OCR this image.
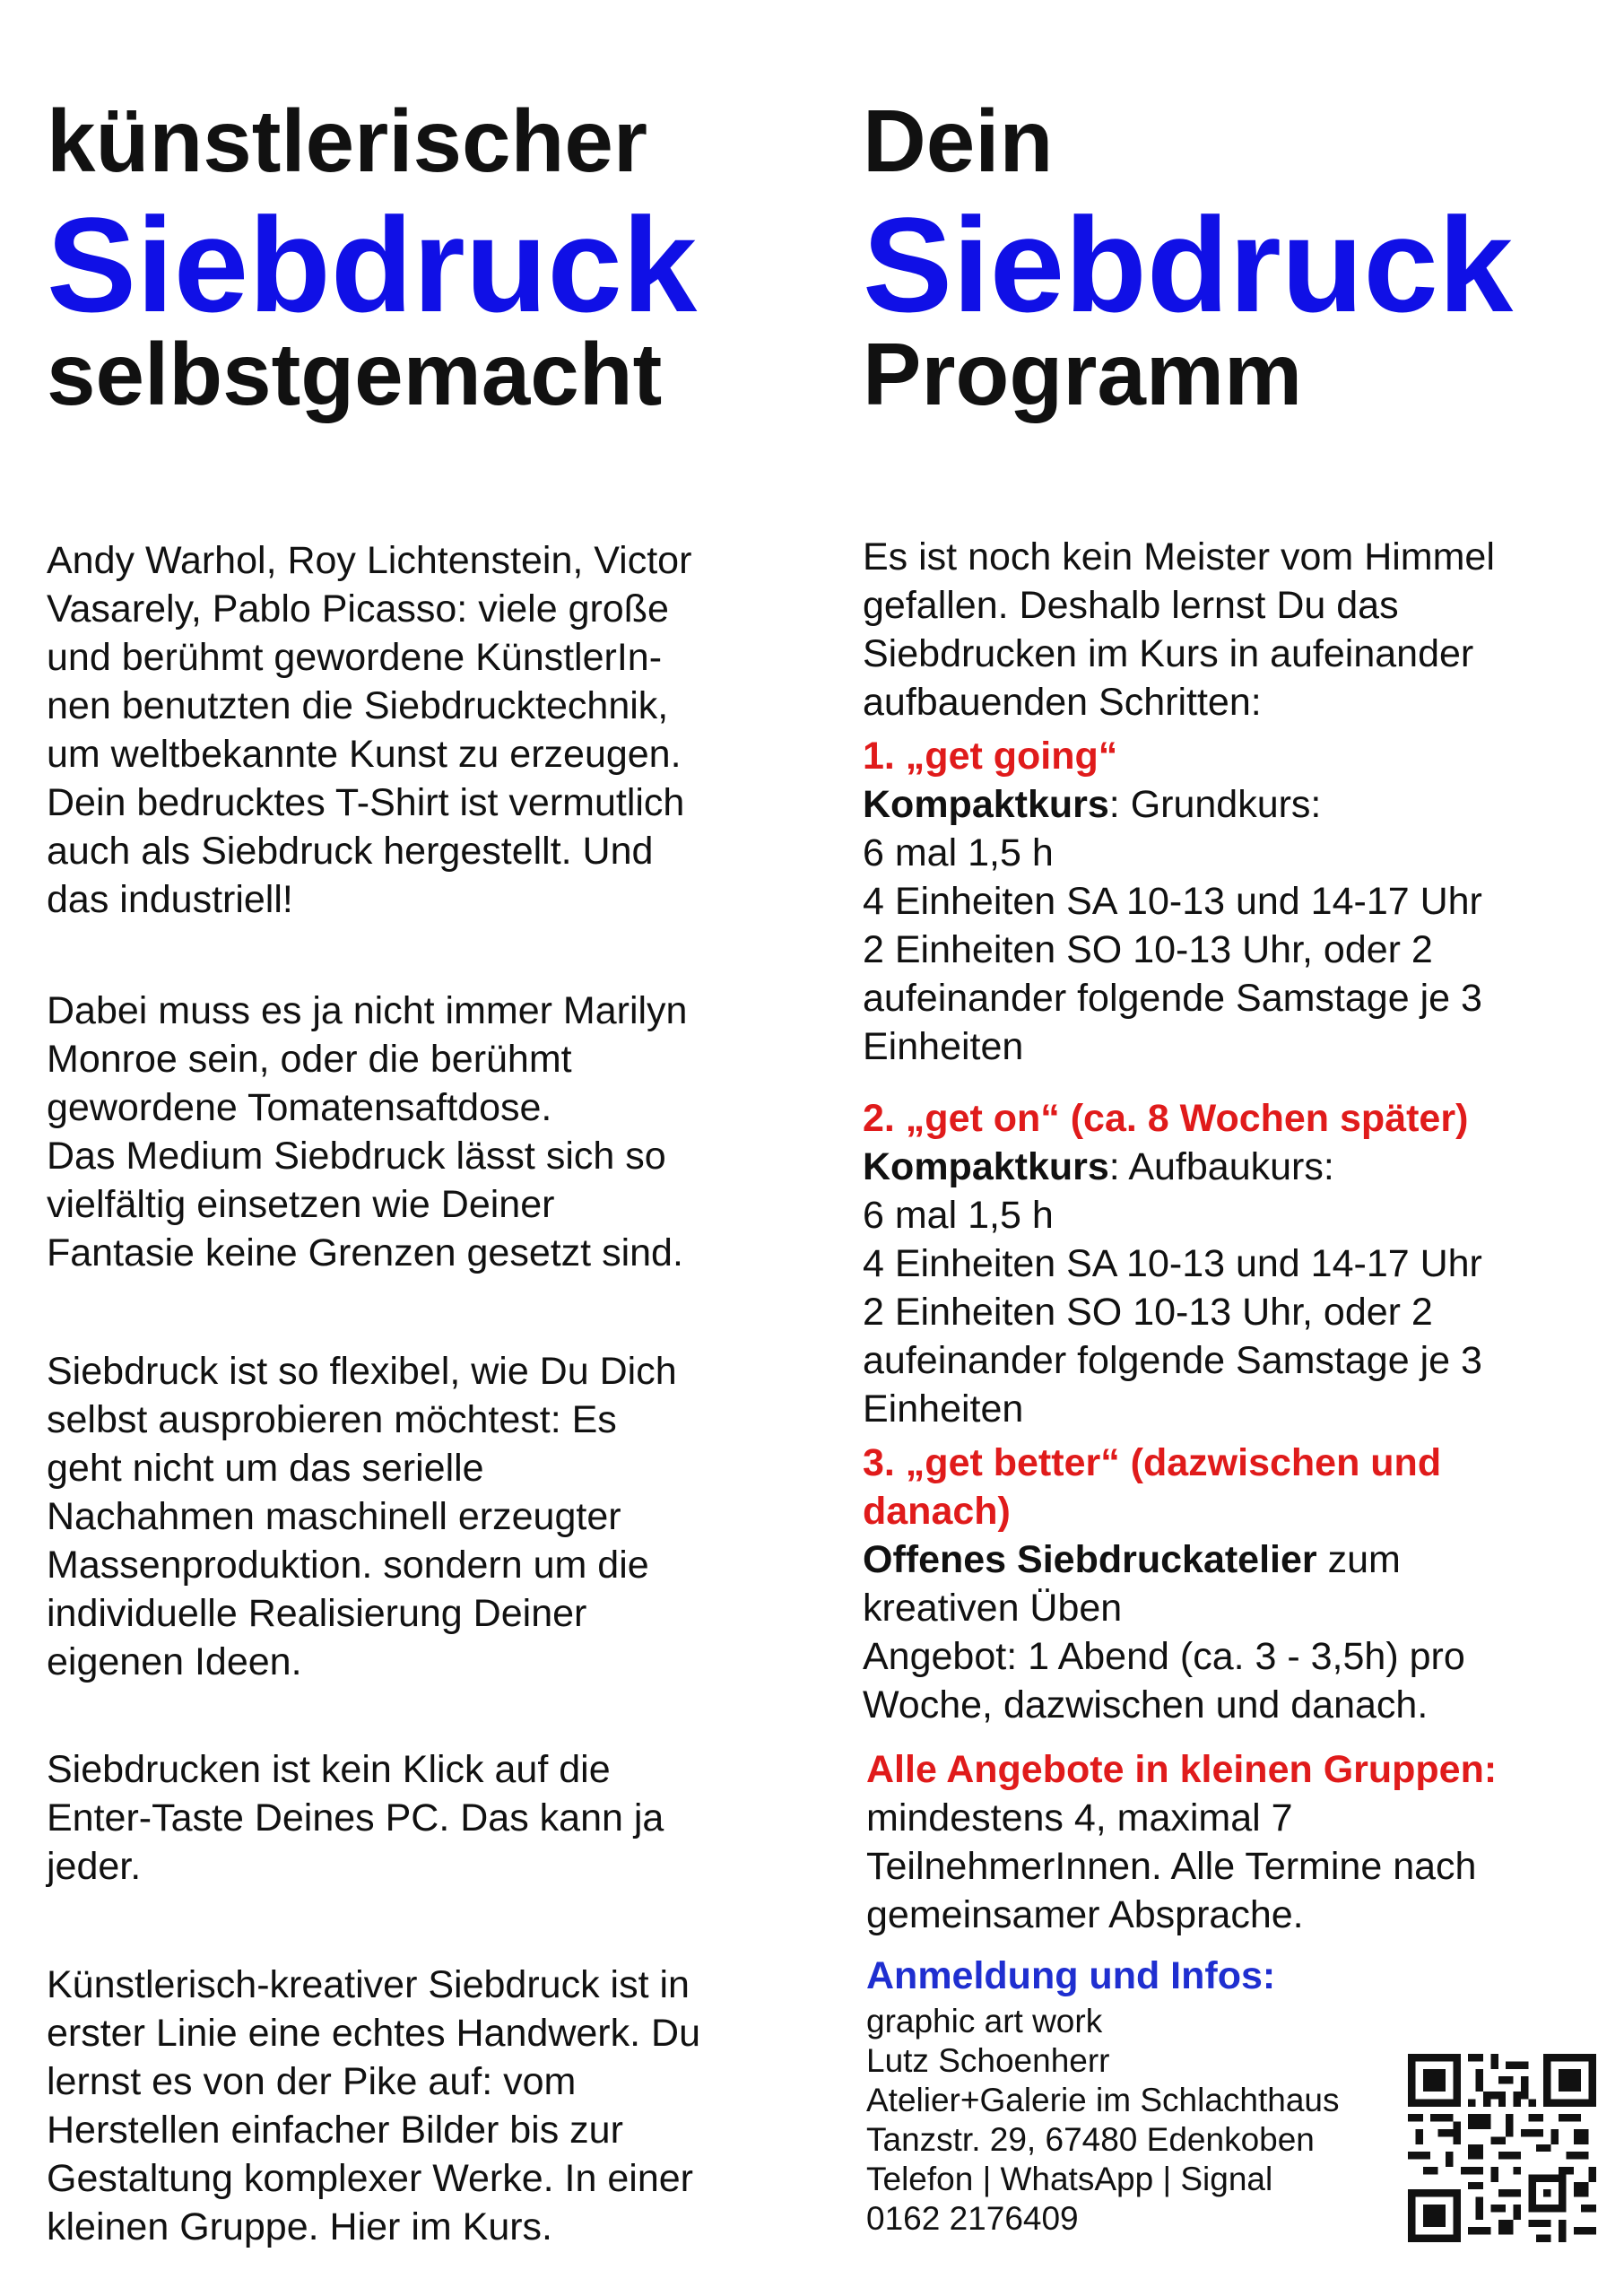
künstlerischer
Siebdruck
selbstgemacht
Andy Warhol, Roy Lichtenstein, Victor
Vasarely, Pablo Picasso: viele große
und berühmt gewordene KünstlerIn-
nen benutzten die Siebdrucktechnik,
um weltbekannte Kunst zu erzeugen.
Dein bedrucktes T-Shirt ist vermutlich
auch als Siebdruck hergestellt. Und
das industriell!
Dabei muss es ja nicht immer Marilyn
Monroe sein, oder die berühmt
gewordene Tomatensaftdose.
Das Medium Siebdruck lässt sich so
vielfältig einsetzen wie Deiner
Fantasie keine Grenzen gesetzt sind.
Siebdruck ist so flexibel, wie Du Dich
selbst ausprobieren möchtest: Es
geht nicht um das serielle
Nachahmen maschinell erzeugter
Massenproduktion. sondern um die
individuelle Realisierung Deiner
eigenen Ideen.
Siebdrucken ist kein Klick auf die
Enter-Taste Deines PC. Das kann ja
jeder.
Künstlerisch-kreativer Siebdruck ist in
erster Linie eine echtes Handwerk. Du
lernst es von der Pike auf: vom
Herstellen einfacher Bilder bis zur
Gestaltung komplexer Werke. In einer
kleinen Gruppe. Hier im Kurs.
Dein
Siebdruck
Programm
Es ist noch kein Meister vom Himmel
gefallen. Deshalb lernst Du das
Siebdrucken im Kurs in aufeinander
aufbauenden Schritten:
1. „get going“
Kompaktkurs: Grundkurs:
6 mal 1,5 h
4 Einheiten SA 10-13 und 14-17 Uhr
2 Einheiten SO 10-13 Uhr, oder 2
aufeinander folgende Samstage je 3
Einheiten
2. „get on“ (ca. 8 Wochen später)
Kompaktkurs: Aufbaukurs:
6 mal 1,5 h
4 Einheiten SA 10-13 und 14-17 Uhr
2 Einheiten SO 10-13 Uhr, oder 2
aufeinander folgende Samstage je 3
Einheiten
3. „get better“ (dazwischen und
danach)
Offenes Siebdruckatelier zum
kreativen Üben
Angebot: 1 Abend (ca. 3 - 3,5h) pro
Woche, dazwischen und danach.
Alle Angebote in kleinen Gruppen:
mindestens 4, maximal 7
TeilnehmerInnen. Alle Termine nach
gemeinsamer Absprache.
Anmeldung und Infos:
graphic art work
Lutz Schoenherr
Atelier+Galerie im Schlachthaus
Tanzstr. 29, 67480 Edenkoben
Telefon | WhatsApp | Signal
0162 2176409
